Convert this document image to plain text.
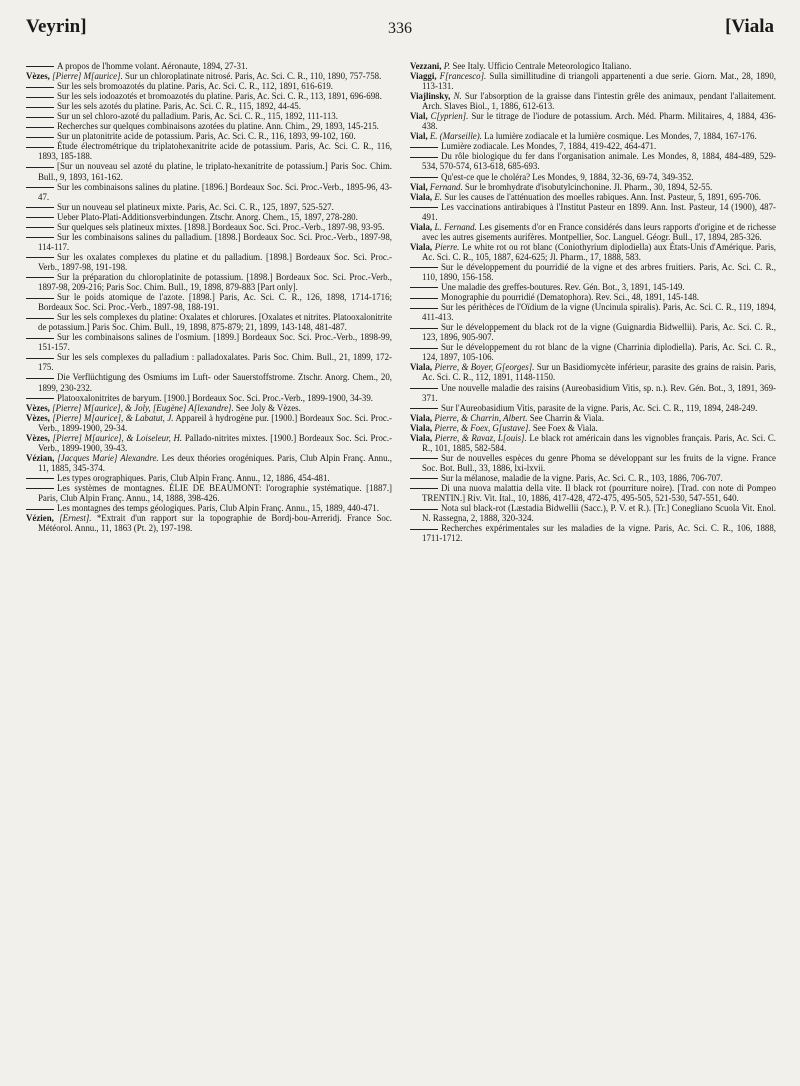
Veyrin]	336	[Viala

A propos de l'homme volant. Aéronaute, 1894, 27-31.

Vèzes, [Pierre] M[aurice]. Sur un chloroplatinate nitrosé. Paris, Ac. Sci. C. R., 110, 1890, 757-758.

Sur les sels bromoazotés du platine. Paris, Ac. Sci. C. R., 112, 1891, 616-619.

Sur les sels iodoazotés et bromoazotés du platine. Paris, Ac. Sci. C. R., 113, 1891, 696-698.

Sur les sels azotés du platine. Paris, Ac. Sci. C. R., 115, 1892, 44-45.

Sur un sel chloro-azoté du palladium. Paris, Ac. Sci. C. R., 115, 1892, 111-113.

Recherches sur quelques combinaisons azotées du platine. Ann. Chim., 29, 1893, 145-215.

Sur un platonitrite acide de potassium. Paris, Ac. Sci. C. R., 116, 1893, 99-102, 160.

Étude électrométrique du triplatohexanitrite acide de potassium. Paris, Ac. Sci. C. R., 116, 1893, 185-188.

[Sur un nouveau sel azoté du platine, le triplato-hexanitrite de potassium.] Paris Soc. Chim. Bull., 9, 1893, 161-162.

Sur les combinaisons salines du platine. [1896.] Bordeaux Soc. Sci. Proc.-Verb., 1895-96, 43-47.

Sur un nouveau sel platineux mixte. Paris, Ac. Sci. C. R., 125, 1897, 525-527.

Ueber Plato-Plati-Additionsverbindungen. Ztschr. Anorg. Chem., 15, 1897, 278-280.

Sur quelques sels platineux mixtes. [1898.] Bordeaux Soc. Sci. Proc.-Verb., 1897-98, 93-95.

Sur les combinaisons salines du palladium. [1898.] Bordeaux Soc. Sci. Proc.-Verb., 1897-98, 114-117.

Sur les oxalates complexes du platine et du palladium. [1898.] Bordeaux Soc. Sci. Proc.-Verb., 1897-98, 191-198.

Sur la préparation du chloroplatinite de potassium. [1898.] Bordeaux Soc. Sci. Proc.-Verb., 1897-98, 209-216; Paris Soc. Chim. Bull., 19, 1898, 879-883 [Part only].

Sur le poids atomique de l'azote. [1898.] Paris, Ac. Sci. C. R., 126, 1898, 1714-1716; Bordeaux Soc. Sci. Proc.-Verb., 1897-98, 188-191.

Sur les sels complexes du platine: Oxalates et chlorures. [Oxalates et nitrites. Platooxalonitrite de potassium.] Paris Soc. Chim. Bull., 19, 1898, 875-879; 21, 1899, 143-148, 481-487.

Sur les combinaisons salines de l'osmium. [1899.] Bordeaux Soc. Sci. Proc.-Verb., 1898-99, 151-157.

Sur les sels complexes du palladium : palladoxalates. Paris Soc. Chim. Bull., 21, 1899, 172-175.

Die Verflüchtigung des Osmiums im Luft- oder Sauerstoffstrome. Ztschr. Anorg. Chem., 20, 1899, 230-232.

Platooxalonitrites de baryum. [1900.] Bordeaux Soc. Sci. Proc.-Verb., 1899-1900, 34-39.

Vèzes, [Pierre] M[aurice], & Joly, [Eugène] A[lexandre]. See Joly & Vèzes.

Vèzes, [Pierre] M[aurice], & Labatut, J. Appareil à hydrogène pur. [1900.] Bordeaux Soc. Sci. Proc.-Verb., 1899-1900, 29-34.

Vèzes, [Pierre] M[aurice], & Loiseleur, H. Pallado-nitrites mixtes. [1900.] Bordeaux Soc. Sci. Proc.-Verb., 1899-1900, 39-43.

Vézian, [Jacques Marie] Alexandre. Les deux théories orogéniques. Paris, Club Alpin Franç. Annu., 11, 1885, 345-374.

Les types orographiques. Paris, Club Alpin Franç. Annu., 12, 1886, 454-481.

Les systèmes de montagnes. ÉLIE DE BEAUMONT: l'orographie systématique. [1887.] Paris, Club Alpin Franç. Annu., 14, 1888, 398-426.

Les montagnes des temps géologiques. Paris, Club Alpin Franç. Annu., 15, 1889, 440-471.

Vézien, [Ernest]. *Extrait d'un rapport sur la topographie de Bordj-bou-Arreridj. France Soc. Météorol. Annu., 11, 1863 (Pt. 2), 197-198.

Vezzani, P. See Italy. Ufficio Centrale Meteorologico Italiano.

Viaggi, F[rancesco]. Sulla simillitudine di triangoli appartenenti a due serie. Giorn. Mat., 28, 1890, 113-131.

Viajlinsky, N. Sur l'absorption de la graisse dans l'intestin grêle des animaux, pendant l'allaitement. Arch. Slaves Biol., 1, 1886, 612-613.

Vial, C[yprien]. Sur le titrage de l'iodure de potassium. Arch. Méd. Pharm. Militaires, 4, 1884, 436-438.

Vial, E. (Marseille). La lumière zodiacale et la lumière cosmique. Les Mondes, 7, 1884, 167-176.

Lumière zodiacale. Les Mondes, 7, 1884, 419-422, 464-471.

Du rôle biologique du fer dans l'organisation animale. Les Mondes, 8, 1884, 484-489, 529-534, 570-574, 613-618, 685-693.

Qu'est-ce que le choléra? Les Mondes, 9, 1884, 32-36, 69-74, 349-352.

Vial, Fernand. Sur le bromhydrate d'isobutylcinchonine. Jl. Pharm., 30, 1894, 52-55.

Viala, E. Sur les causes de l'atténuation des moelles rabiques. Ann. Inst. Pasteur, 5, 1891, 695-706.

Les vaccinations antirabiques à l'Institut Pasteur en 1899. Ann. Inst. Pasteur, 14 (1900), 487-491.

Viala, L. Fernand. Les gisements d'or en France considérés dans leurs rapports d'origine et de richesse avec les autres gisements aurifères. Montpellier, Soc. Languel. Géogr. Bull., 17, 1894, 285-326.

Viala, Pierre. Le white rot ou rot blanc (Coniothyrium diplodiella) aux États-Unis d'Amérique. Paris, Ac. Sci. C. R., 105, 1887, 624-625; Jl. Pharm., 17, 1888, 583.

Sur le développement du pourridié de la vigne et des arbres fruitiers. Paris, Ac. Sci. C. R., 110, 1890, 156-158.

Une maladie des greffes-boutures. Rev. Gén. Bot., 3, 1891, 145-149.

Monographie du pourridié (Dematophora). Rev. Sci., 48, 1891, 145-148.

Sur les périthèces de l'Oïdium de la vigne (Uncinula spiralis). Paris, Ac. Sci. C. R., 119, 1894, 411-413.

Sur le développement du black rot de la vigne (Guignardia Bidwellii). Paris, Ac. Sci. C. R., 123, 1896, 905-907.

Sur le développement du rot blanc de la vigne (Charrinia diplodiella). Paris, Ac. Sci. C. R., 124, 1897, 105-106.

Viala, Pierre, & Boyer, G[eorges]. Sur un Basidiomycète inférieur, parasite des grains de raisin. Paris, Ac. Sci. C. R., 112, 1891, 1148-1150.

Une nouvelle maladie des raisins (Aureobasidium Vitis, sp. n.). Rev. Gén. Bot., 3, 1891, 369-371.

Sur l'Aureobasidium Vitis, parasite de la vigne. Paris, Ac. Sci. C. R., 119, 1894, 248-249.

Viala, Pierre, & Charrin, Albert. See Charrin & Viala.

Viala, Pierre, & Foex, G[ustave]. See Foex & Viala.

Viala, Pierre, & Ravaz, L[ouis]. Le black rot américain dans les vignobles français. Paris, Ac. Sci. C. R., 101, 1885, 582-584.

Sur de nouvelles espèces du genre Phoma se développant sur les fruits de la vigne. France Soc. Bot. Bull., 33, 1886, lxi-lxvii.

Sur la mélanose, maladie de la vigne. Paris, Ac. Sci. C. R., 103, 1886, 706-707.

Di una nuova malattia della vite. Il black rot (pourriture noire). [Trad. con note di Pompeo TRENTIN.] Riv. Vit. Ital., 10, 1886, 417-428, 472-475, 495-505, 521-530, 547-551, 640.

Nota sul black-rot (Læstadia Bidwellii (Sacc.), P. V. et R.). [Tr.] Conegliano Scuola Vit. Enol. N. Rassegna, 2, 1888, 320-324.

Recherches expérimentales sur les maladies de la vigne. Paris, Ac. Sci. C. R., 106, 1888, 1711-1712.
